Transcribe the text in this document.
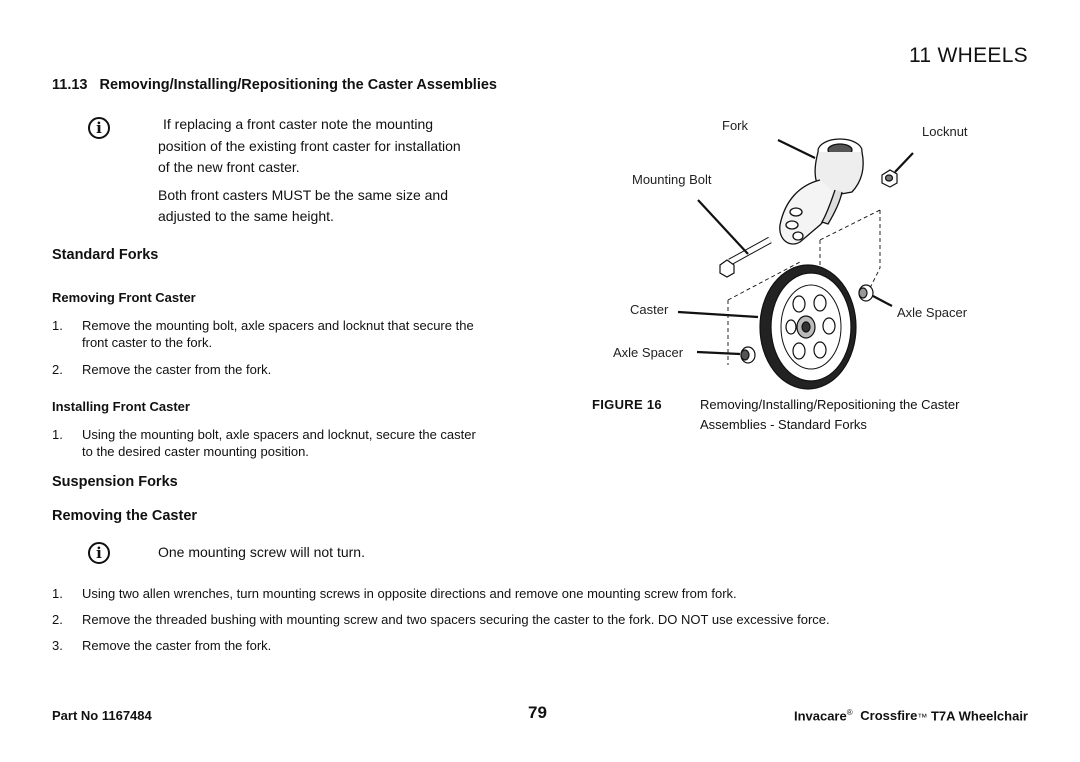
11 WHEELS
11.13 Removing/Installing/Repositioning the Caster Assemblies
i
If replacing a front caster note the mounting
position of the existing front caster for installation
of the new front caster.
Both front casters MUST be the same size and
adjusted to the same height.
Standard Forks
Removing Front Caster
1. Remove the mounting bolt, axle spacers and locknut that secure the
front caster to the fork.
2. Remove the caster from the fork.
Installing Front Caster
1. Using the mounting bolt, axle spacers and locknut, secure the caster
to the desired caster mounting position.
Suspension Forks
Removing the Caster
i
One mounting screw will not turn.
1. Using two allen wrenches, turn mounting screws in opposite directions and remove one mounting screw from fork.
2. Remove the threaded bushing with mounting screw and two spacers securing the caster to the fork. DO NOT use excessive force.
3. Remove the caster from the fork.
Fork	Locknut
Mounting Bolt
Caster	Axle Spacer
Axle Spacer
FIGURE 16	Removing/Installing/Repositioning the Caster
Assemblies - Standard Forks
Part No 1167484	79	Invacare® Crossfire™ T7A Wheelchair
